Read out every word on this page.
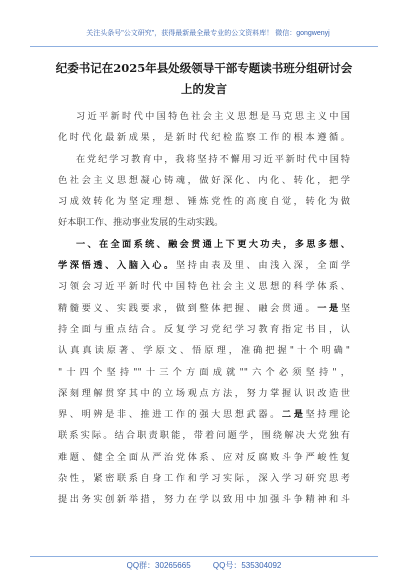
关注头条号"公文研究"，获得最新最全最专业的公文资料库！ 微信：gongwenyj
纪委书记在2025年县处级领导干部专题读书班分组研讨会
上的发言
习近平新时代中国特色社会主义思想是马克思主义中国
化时代化最新成果，是新时代纪检监察工作的根本遵循。
在党纪学习教育中，我将坚持不懈用习近平新时代中国特
色社会主义思想凝心铸魂，做好深化、内化、转化，把学
习成效转化为坚定理想、锤炼党性的高度自觉，转化为做
好本职工作、推动事业发展的生动实践。
一、在全面系统、融会贯通上下更大功夫，多思多想、
学深悟透、入脑入心。坚持由表及里、由浅入深，全面学
习领会习近平新时代中国特色社会主义思想的科学体系、
精髓要义、实践要求，做到整体把握、融会贯通。一是坚
持全面与重点结合。反复学习党纪学习教育指定书目，认
认真真读原著、学原文、悟原理，准确把握"十个明确"
"十四个坚持""十三个方面成就""六个必须坚持"，
深刻理解贯穿其中的立场观点方法，努力掌握认识改造世
界、明辨是非、推进工作的强大思想武器。二是坚持理论
联系实际。结合职责职能，带着问题学，围绕解决大党独有
难题、健全全面从严治党体系、应对反腐败斗争严峻性复
杂性，紧密联系自身工作和学习实际，深入学习研究思考
提出务实创新举措，努力在学以致用中加强斗争精神和斗
QQ群：30265665	QQ号：535304092
